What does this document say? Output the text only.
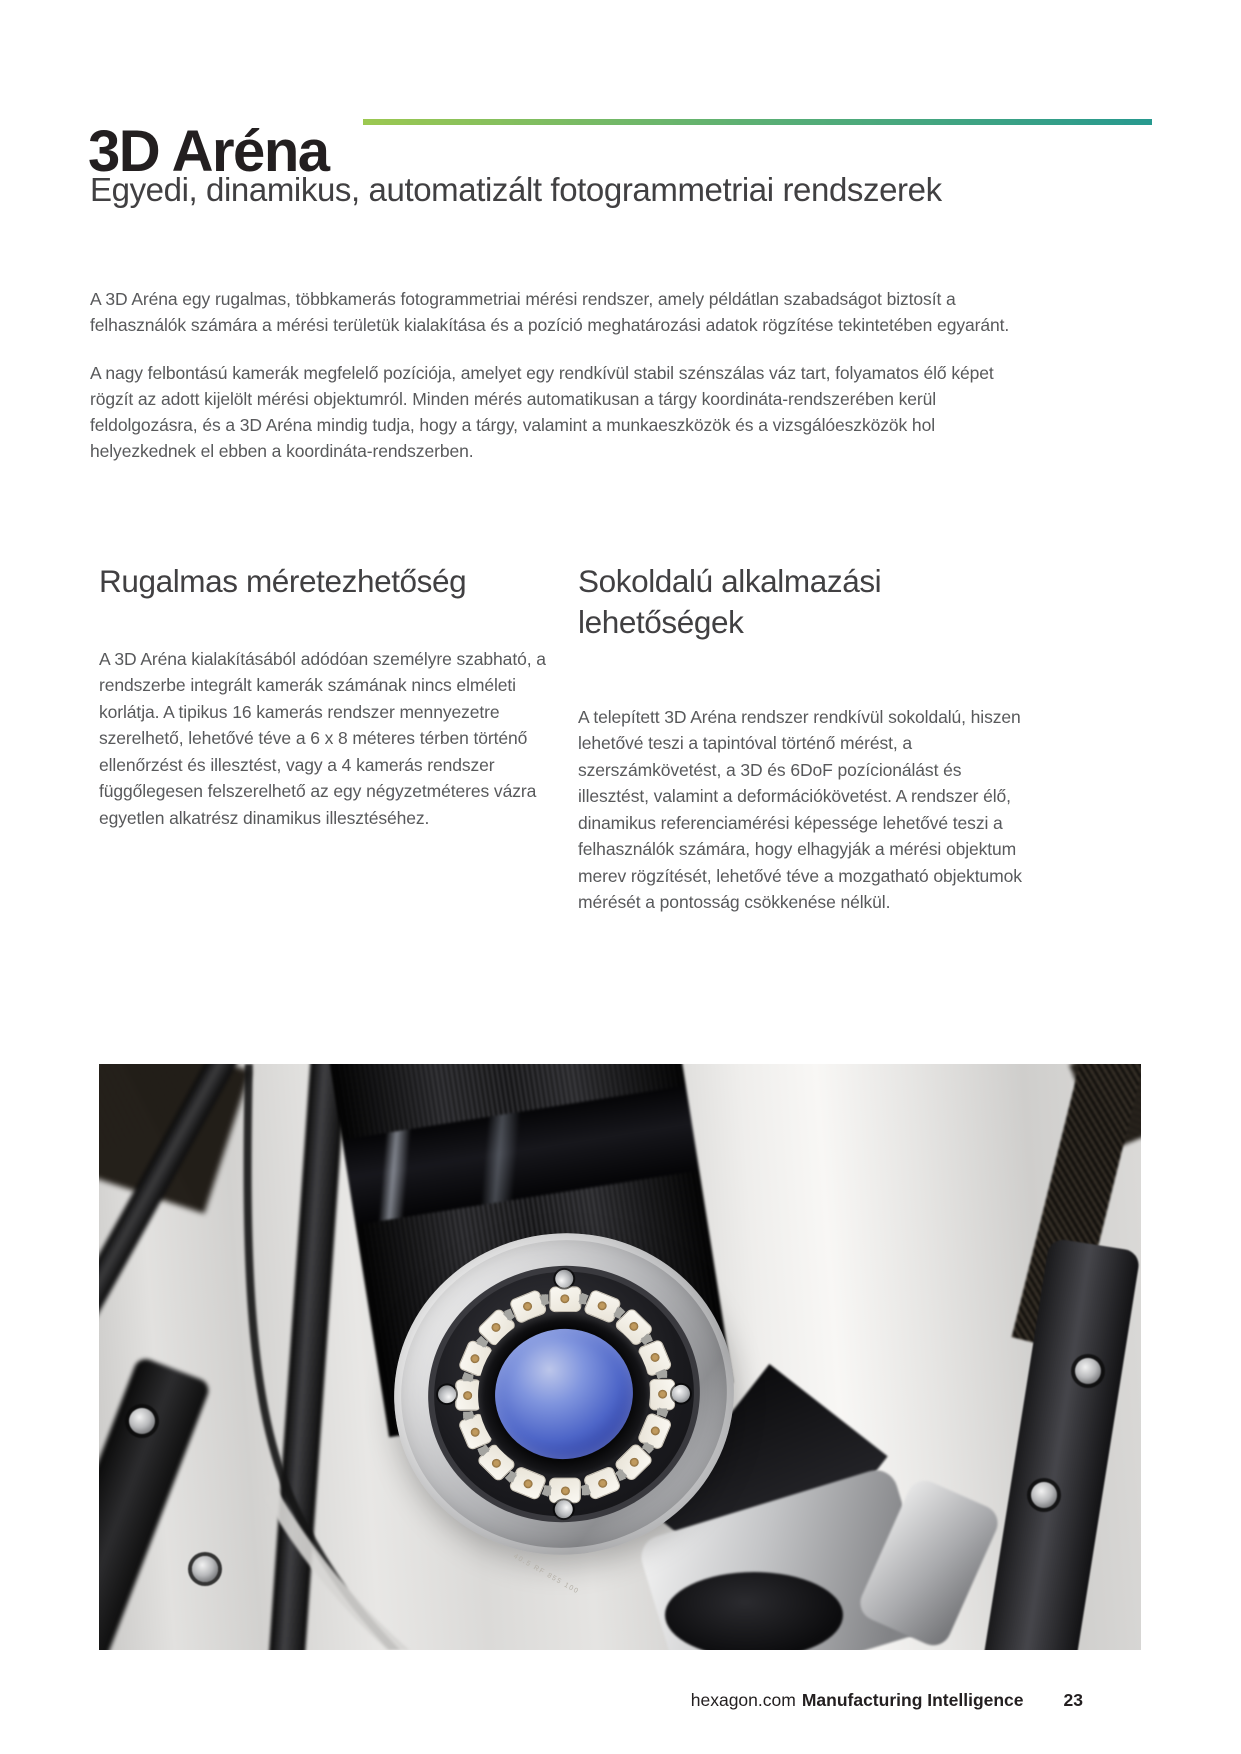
3D Aréna
Egyedi, dinamikus, automatizált fotogrammetriai rendszerek

A 3D Aréna egy rugalmas, többkamerás fotogrammetriai mérési rendszer, amely példátlan szabadságot biztosít a felhasználók számára a mérési területük kialakítása és a pozíció meghatározási adatok rögzítése tekintetében egyaránt.

A nagy felbontású kamerák megfelelő pozíciója, amelyet egy rendkívül stabil szénszálas váz tart, folyamatos élő képet rögzít az adott kijelölt mérési objektumról. Minden mérés automatikusan a tárgy koordináta-rendszerében kerül feldolgozásra, és a 3D Aréna mindig tudja, hogy a tárgy, valamint a munkaeszközök és a vizsgálóeszközök hol helyezkednek el ebben a koordináta-rendszerben.

Rugalmas méretezhetőség	Sokoldalú alkalmazási lehetőségek

A 3D Aréna kialakításából adódóan személyre szabható, a rendszerbe integrált kamerák számának nincs elméleti korlátja. A tipikus 16 kamerás rendszer mennyezetre szerelhető, lehetővé téve a 6 x 8 méteres térben történő ellenőrzést és illesztést, vagy a 4 kamerás rendszer függőlegesen felszerelhető az egy négyzetméteres vázra egyetlen alkatrész dinamikus illesztéséhez.

A telepített 3D Aréna rendszer rendkívül sokoldalú, hiszen lehetővé teszi a tapintóval történő mérést, a szerszámkövetést, a 3D és 6DoF pozícionálást és illesztést, valamint a deformációkövetést. A rendszer élő, dinamikus referenciamérési képessége lehetővé teszi a felhasználók számára, hogy elhagyják a mérési objektum merev rögzítését, lehetővé téve a mozgatható objektumok mérését a pontosság csökkenése nélkül.

40.5 RF 855 100
hexagon.com Manufacturing Intelligence 23
